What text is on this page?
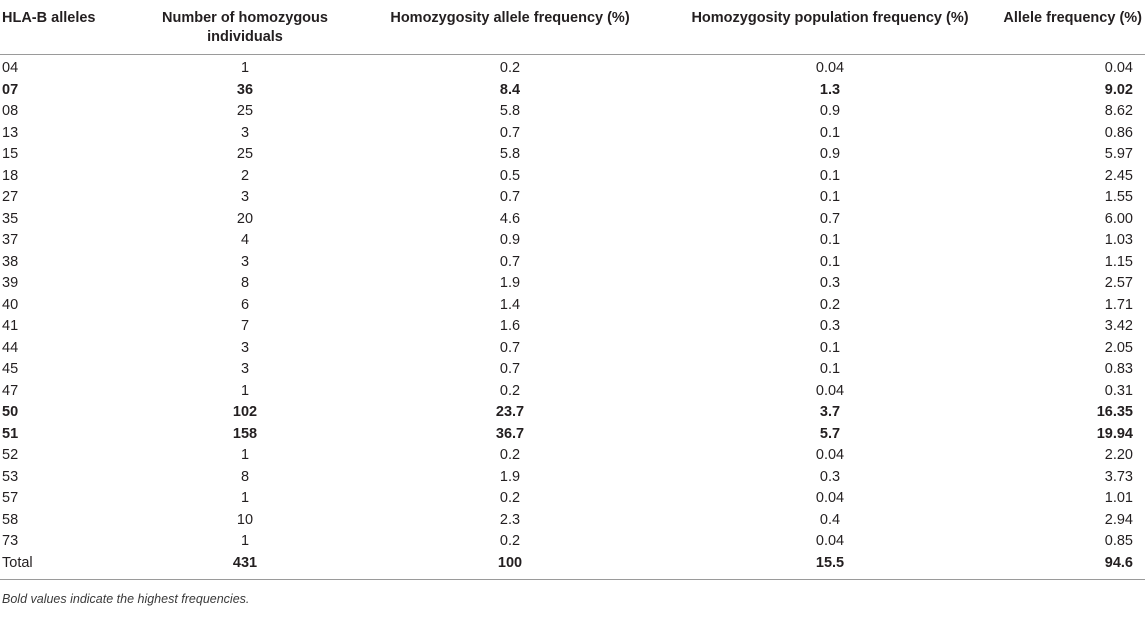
HLA-B alleles	Number of homozygous individuals	Homozygosity allele frequency (%)	Homozygosity population frequency (%)	Allele frequency (%)
04	1	0.2	0.04	0.04
07	36	8.4	1.3	9.02
08	25	5.8	0.9	8.62
13	3	0.7	0.1	0.86
15	25	5.8	0.9	5.97
18	2	0.5	0.1	2.45
27	3	0.7	0.1	1.55
35	20	4.6	0.7	6.00
37	4	0.9	0.1	1.03
38	3	0.7	0.1	1.15
39	8	1.9	0.3	2.57
40	6	1.4	0.2	1.71
41	7	1.6	0.3	3.42
44	3	0.7	0.1	2.05
45	3	0.7	0.1	0.83
47	1	0.2	0.04	0.31
50	102	23.7	3.7	16.35
51	158	36.7	5.7	19.94
52	1	0.2	0.04	2.20
53	8	1.9	0.3	3.73
57	1	0.2	0.04	1.01
58	10	2.3	0.4	2.94
73	1	0.2	0.04	0.85
Total	431	100	15.5	94.6
Bold values indicate the highest frequencies.
